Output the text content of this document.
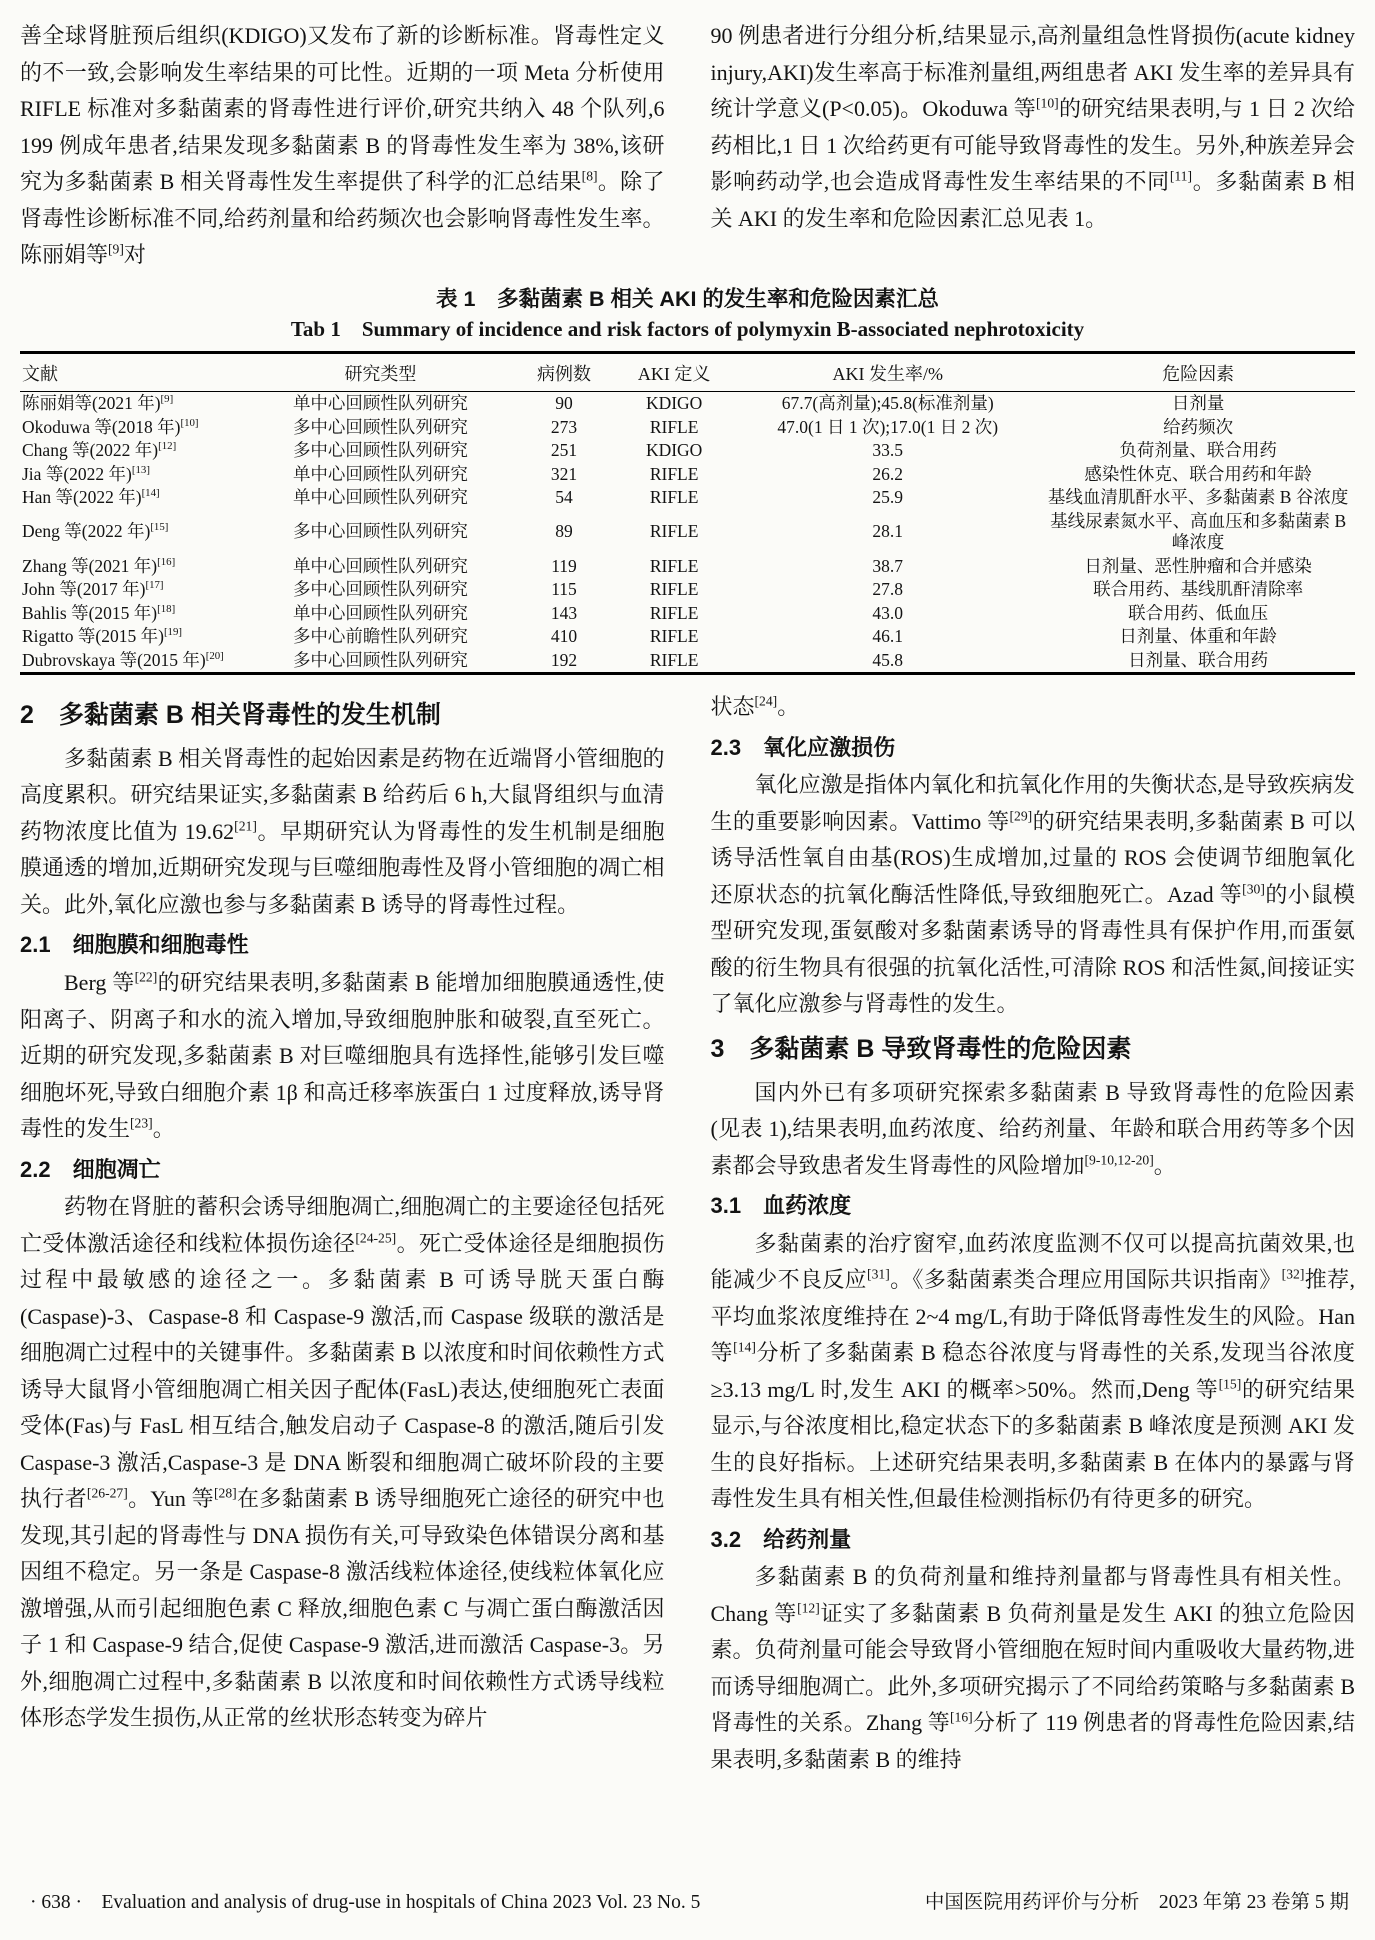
善全球肾脏预后组织(KDIGO)又发布了新的诊断标准。肾毒性定义的不一致,会影响发生率结果的可比性。近期的一项 Meta 分析使用 RIFLE 标准对多黏菌素的肾毒性进行评价,研究共纳入 48 个队列,6 199 例成年患者,结果发现多黏菌素 B 的肾毒性发生率为 38%,该研究为多黏菌素 B 相关肾毒性发生率提供了科学的汇总结果[8]。除了肾毒性诊断标准不同,给药剂量和给药频次也会影响肾毒性发生率。陈丽娟等[9]对

90 例患者进行分组分析,结果显示,高剂量组急性肾损伤(acute kidney injury,AKI)发生率高于标准剂量组,两组患者 AKI 发生率的差异具有统计学意义(P<0.05)。Okoduwa 等[10]的研究结果表明,与 1 日 2 次给药相比,1 日 1 次给药更有可能导致肾毒性的发生。另外,种族差异会影响药动学,也会造成肾毒性发生率结果的不同[11]。多黏菌素 B 相关 AKI 的发生率和危险因素汇总见表 1。

表 1　多黏菌素 B 相关 AKI 的发生率和危险因素汇总
Tab 1　Summary of incidence and risk factors of polymyxin B-associated nephrotoxicity
文献	研究类型	病例数	AKI 定义	AKI 发生率/%	危险因素
陈丽娟等(2021 年)[9]	单中心回顾性队列研究	90	KDIGO	67.7(高剂量);45.8(标准剂量)	日剂量
Okoduwa 等(2018 年)[10]	多中心回顾性队列研究	273	RIFLE	47.0(1 日 1 次);17.0(1 日 2 次)	给药频次
Chang 等(2022 年)[12]	多中心回顾性队列研究	251	KDIGO	33.5	负荷剂量、联合用药
Jia 等(2022 年)[13]	单中心回顾性队列研究	321	RIFLE	26.2	感染性休克、联合用药和年龄
Han 等(2022 年)[14]	单中心回顾性队列研究	54	RIFLE	25.9	基线血清肌酐水平、多黏菌素 B 谷浓度
Deng 等(2022 年)[15]	多中心回顾性队列研究	89	RIFLE	28.1	基线尿素氮水平、高血压和多黏菌素 B 峰浓度
Zhang 等(2021 年)[16]	单中心回顾性队列研究	119	RIFLE	38.7	日剂量、恶性肿瘤和合并感染
John 等(2017 年)[17]	多中心回顾性队列研究	115	RIFLE	27.8	联合用药、基线肌酐清除率
Bahlis 等(2015 年)[18]	单中心回顾性队列研究	143	RIFLE	43.0	联合用药、低血压
Rigatto 等(2015 年)[19]	多中心前瞻性队列研究	410	RIFLE	46.1	日剂量、体重和年龄
Dubrovskaya 等(2015 年)[20]	多中心回顾性队列研究	192	RIFLE	45.8	日剂量、联合用药
2　多黏菌素 B 相关肾毒性的发生机制

多黏菌素 B 相关肾毒性的起始因素是药物在近端肾小管细胞的高度累积。研究结果证实,多黏菌素 B 给药后 6 h,大鼠肾组织与血清药物浓度比值为 19.62[21]。早期研究认为肾毒性的发生机制是细胞膜通透的增加,近期研究发现与巨噬细胞毒性及肾小管细胞的凋亡相关。此外,氧化应激也参与多黏菌素 B 诱导的肾毒性过程。

2.1　细胞膜和细胞毒性

Berg 等[22]的研究结果表明,多黏菌素 B 能增加细胞膜通透性,使阳离子、阴离子和水的流入增加,导致细胞肿胀和破裂,直至死亡。近期的研究发现,多黏菌素 B 对巨噬细胞具有选择性,能够引发巨噬细胞坏死,导致白细胞介素 1β 和高迁移率族蛋白 1 过度释放,诱导肾毒性的发生[23]。

2.2　细胞凋亡

药物在肾脏的蓄积会诱导细胞凋亡,细胞凋亡的主要途径包括死亡受体激活途径和线粒体损伤途径[24-25]。死亡受体途径是细胞损伤过程中最敏感的途径之一。多黏菌素 B 可诱导胱天蛋白酶(Caspase)-3、Caspase-8 和 Caspase-9 激活,而 Caspase 级联的激活是细胞凋亡过程中的关键事件。多黏菌素 B 以浓度和时间依赖性方式诱导大鼠肾小管细胞凋亡相关因子配体(FasL)表达,使细胞死亡表面受体(Fas)与 FasL 相互结合,触发启动子 Caspase-8 的激活,随后引发 Caspase-3 激活,Caspase-3 是 DNA 断裂和细胞凋亡破坏阶段的主要执行者[26-27]。Yun 等[28]在多黏菌素 B 诱导细胞死亡途径的研究中也发现,其引起的肾毒性与 DNA 损伤有关,可导致染色体错误分离和基因组不稳定。另一条是 Caspase-8 激活线粒体途径,使线粒体氧化应激增强,从而引起细胞色素 C 释放,细胞色素 C 与凋亡蛋白酶激活因子 1 和 Caspase-9 结合,促使 Caspase-9 激活,进而激活 Caspase-3。另外,细胞凋亡过程中,多黏菌素 B 以浓度和时间依赖性方式诱导线粒体形态学发生损伤,从正常的丝状形态转变为碎片

状态[24]。

2.3　氧化应激损伤

氧化应激是指体内氧化和抗氧化作用的失衡状态,是导致疾病发生的重要影响因素。Vattimo 等[29]的研究结果表明,多黏菌素 B 可以诱导活性氧自由基(ROS)生成增加,过量的 ROS 会使调节细胞氧化还原状态的抗氧化酶活性降低,导致细胞死亡。Azad 等[30]的小鼠模型研究发现,蛋氨酸对多黏菌素诱导的肾毒性具有保护作用,而蛋氨酸的衍生物具有很强的抗氧化活性,可清除 ROS 和活性氮,间接证实了氧化应激参与肾毒性的发生。

3　多黏菌素 B 导致肾毒性的危险因素

国内外已有多项研究探索多黏菌素 B 导致肾毒性的危险因素(见表 1),结果表明,血药浓度、给药剂量、年龄和联合用药等多个因素都会导致患者发生肾毒性的风险增加[9-10,12-20]。

3.1　血药浓度

多黏菌素的治疗窗窄,血药浓度监测不仅可以提高抗菌效果,也能减少不良反应[31]。《多黏菌素类合理应用国际共识指南》[32]推荐,平均血浆浓度维持在 2~4 mg/L,有助于降低肾毒性发生的风险。Han 等[14]分析了多黏菌素 B 稳态谷浓度与肾毒性的关系,发现当谷浓度≥3.13 mg/L 时,发生 AKI 的概率>50%。然而,Deng 等[15]的研究结果显示,与谷浓度相比,稳定状态下的多黏菌素 B 峰浓度是预测 AKI 发生的良好指标。上述研究结果表明,多黏菌素 B 在体内的暴露与肾毒性发生具有相关性,但最佳检测指标仍有待更多的研究。

3.2　给药剂量

多黏菌素 B 的负荷剂量和维持剂量都与肾毒性具有相关性。Chang 等[12]证实了多黏菌素 B 负荷剂量是发生 AKI 的独立危险因素。负荷剂量可能会导致肾小管细胞在短时间内重吸收大量药物,进而诱导细胞凋亡。此外,多项研究揭示了不同给药策略与多黏菌素 B 肾毒性的关系。Zhang 等[16]分析了 119 例患者的肾毒性危险因素,结果表明,多黏菌素 B 的维持

· 638 ·　Evaluation and analysis of drug-use in hospitals of China 2023 Vol. 23 No. 5	中国医院用药评价与分析　2023 年第 23 卷第 5 期
